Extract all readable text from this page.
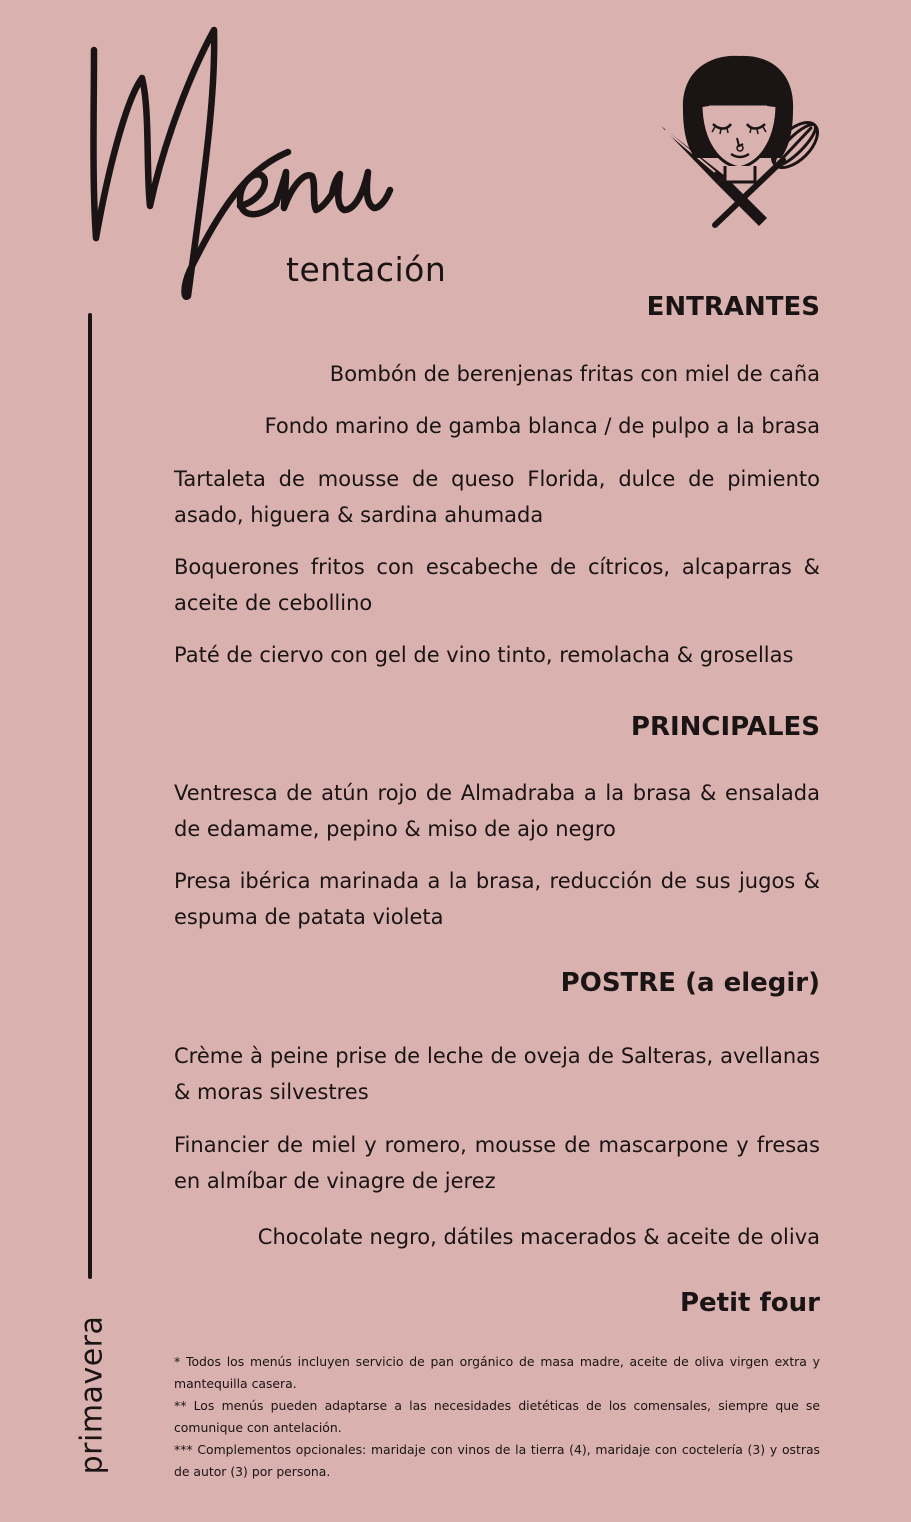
tentación
primavera
ENTRANTES
Bombón de berenjenas fritas con miel de caña
Fondo marino de gamba blanca / de pulpo a la brasa
Tartaleta de mousse de queso Florida, dulce de pimiento asado, higuera & sardina ahumada
Boquerones fritos con escabeche de cítricos, alcaparras & aceite de cebollino
Paté de ciervo con gel de vino tinto, remolacha & grosellas
PRINCIPALES
Ventresca de atún rojo de Almadraba a la brasa & ensalada de edamame, pepino & miso de ajo negro
Presa ibérica marinada a la brasa, reducción de sus jugos & espuma de patata violeta
POSTRE (a elegir)
Crème à peine prise de leche de oveja de Salteras, avellanas & moras silvestres
Financier de miel y romero, mousse de mascarpone y fresas en almíbar de vinagre de jerez
Chocolate negro, dátiles macerados & aceite de oliva
Petit four

* Todos los menús incluyen servicio de pan orgánico de masa madre, aceite de oliva virgen extra y mantequilla casera.

** Los menús pueden adaptarse a las necesidades dietéticas de los comensales, siempre que se comunique con antelación.

*** Complementos opcionales: maridaje con vinos de la tierra (4), maridaje con coctelería (3) y ostras de autor (3) por persona.
